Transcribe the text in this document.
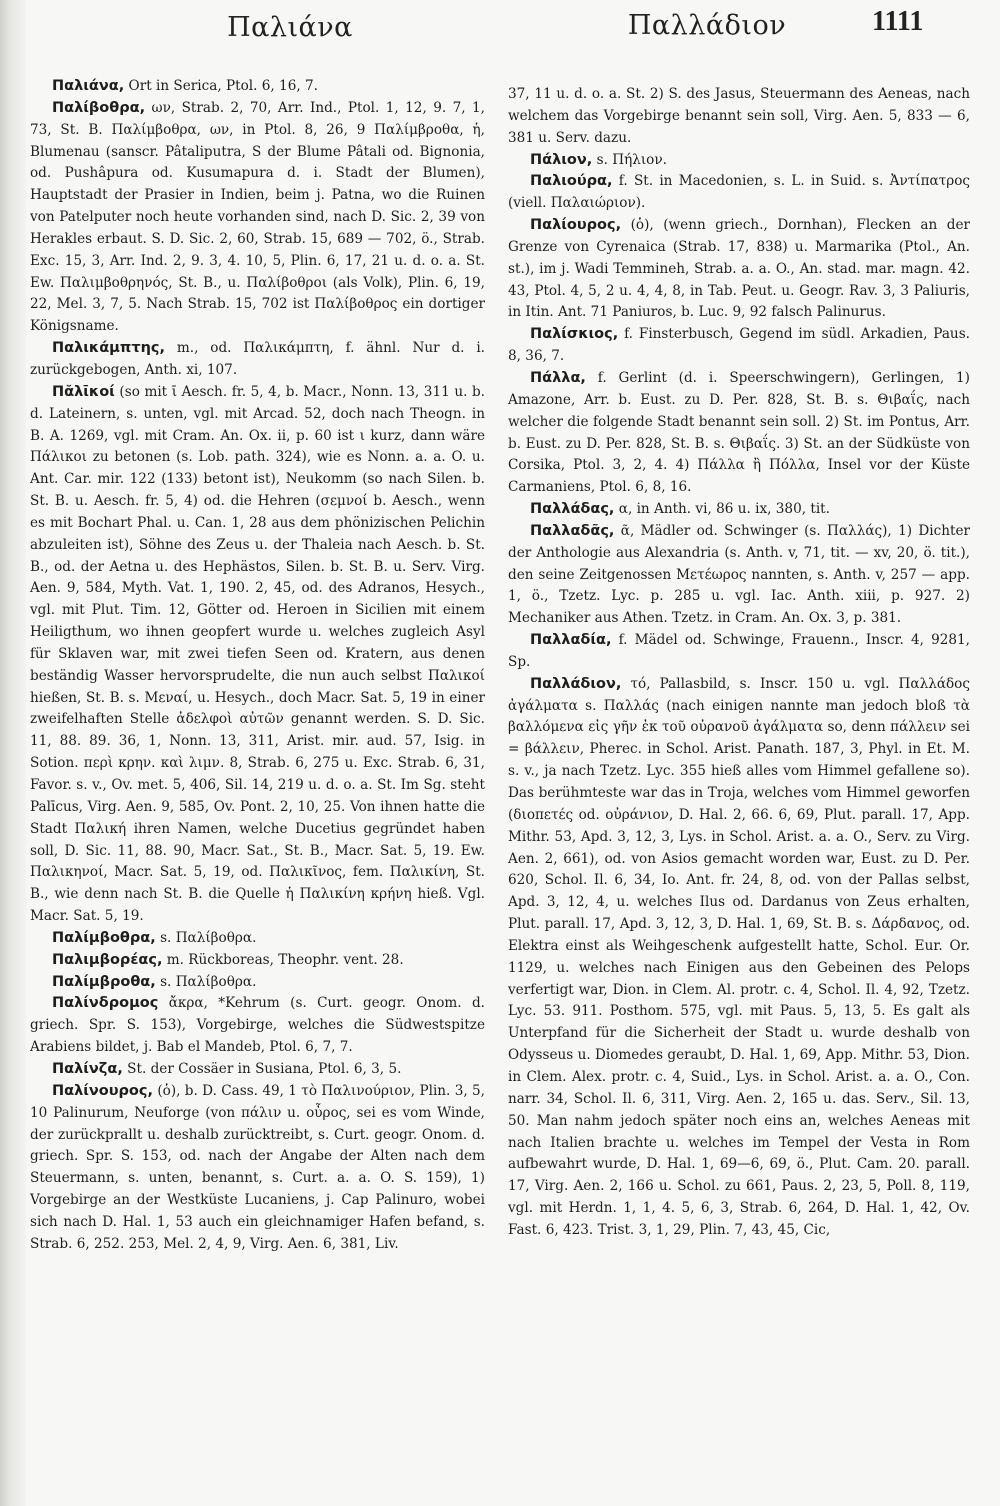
Παλιάνα	Παλλάδιον	1111

Παλιάνα, Ort in Serica, Ptol. 6, 16, 7.

Παλίβοθρα, ων, Strab. 2, 70, Arr. Ind., Ptol. 1, 12, 9. 7, 1, 73, St. B. Παλίμβοθρα, ων, in Ptol. 8, 26, 9 Παλίμβροθα, ἡ, Blumenau (sanscr. Pâtaliputra, S der Blume Pâtali od. Bignonia, od. Pushâpura od. Kusumapura d. i. Stadt der Blumen), Hauptstadt der Prasier in Indien, beim j. Patna, wo die Ruinen von Patelputer noch heute vorhanden sind, nach D. Sic. 2, 39 von Herakles erbaut. S. D. Sic. 2, 60, Strab. 15, 689 — 702, ö., Strab. Exc. 15, 3, Arr. Ind. 2, 9. 3, 4. 10, 5, Plin. 6, 17, 21 u. d. o. a. St. Ew. Παλιμβοθρηνός, St. B., u. Παλίβοθροι (als Volk), Plin. 6, 19, 22, Mel. 3, 7, 5. Nach Strab. 15, 702 ist Παλίβοθρος ein dortiger Königsname.

Παλικάμπτης, m., od. Παλικάμπτη, f. ähnl. Nur d. i. zurückgebogen, Anth. xi, 107.

Πᾰλῑκοί (so mit ῑ Aesch. fr. 5, 4, b. Macr., Nonn. 13, 311 u. b. d. Lateinern, s. unten, vgl. mit Arcad. 52, doch nach Theogn. in B. A. 1269, vgl. mit Cram. An. Ox. ii, p. 60 ist ι kurz, dann wäre Πάλικοι zu betonen (s. Lob. path. 324), wie es Nonn. a. a. O. u. Ant. Car. mir. 122 (133) betont ist), Neukomm (so nach Silen. b. St. B. u. Aesch. fr. 5, 4) od. die Hehren (σεμνοί b. Aesch., wenn es mit Bochart Phal. u. Can. 1, 28 aus dem phönizischen Pelichin abzuleiten ist), Söhne des Zeus u. der Thaleia nach Aesch. b. St. B., od. der Aetna u. des Hephästos, Silen. b. St. B. u. Serv. Virg. Aen. 9, 584, Myth. Vat. 1, 190. 2, 45, od. des Adranos, Hesych., vgl. mit Plut. Tim. 12, Götter od. Heroen in Sicilien mit einem Heiligthum, wo ihnen geopfert wurde u. welches zugleich Asyl für Sklaven war, mit zwei tiefen Seen od. Kratern, aus denen beständig Wasser hervorsprudelte, die nun auch selbst Παλικοί hießen, St. B. s. Μεναί, u. Hesych., doch Macr. Sat. 5, 19 in einer zweifelhaften Stelle ἀδελφοὶ αὐτῶν genannt werden. S. D. Sic. 11, 88. 89. 36, 1, Nonn. 13, 311, Arist. mir. aud. 57, Isig. in Sotion. περὶ κρην. καὶ λιμν. 8, Strab. 6, 275 u. Exc. Strab. 6, 31, Favor. s. v., Ov. met. 5, 406, Sil. 14, 219 u. d. o. a. St. Im Sg. steht Palīcus, Virg. Aen. 9, 585, Ov. Pont. 2, 10, 25. Von ihnen hatte die Stadt Παλική ihren Namen, welche Ducetius gegründet haben soll, D. Sic. 11, 88. 90, Macr. Sat., St. B., Macr. Sat. 5, 19. Ew. Παλικηνοί, Macr. Sat. 5, 19, od. Παλικῖνος, fem. Παλικίνη, St. B., wie denn nach St. B. die Quelle ἡ Παλικίνη κρήνη hieß. Vgl. Macr. Sat. 5, 19.

Παλίμβοθρα, s. Παλίβοθρα.

Παλιμβορέας, m. Rückboreas, Theophr. vent. 28.

Παλίμβροθα, s. Παλίβοθρα.

Παλίνδρομος ἄκρα, *Kehrum (s. Curt. geogr. Onom. d. griech. Spr. S. 153), Vorgebirge, welches die Südwestspitze Arabiens bildet, j. Bab el Mandeb, Ptol. 6, 7, 7.

Παλίνζα, St. der Cossäer in Susiana, Ptol. 6, 3, 5.

Παλίνουρος, (ὁ), b. D. Cass. 49, 1 τὸ Παλινούριον, Plin. 3, 5, 10 Palinurum, Neuforge (von πάλιν u. οὖρος, sei es vom Winde, der zurückprallt u. deshalb zurücktreibt, s. Curt. geogr. Onom. d. griech. Spr. S. 153, od. nach der Angabe der Alten nach dem Steuermann, s. unten, benannt, s. Curt. a. a. O. S. 159), 1) Vorgebirge an der Westküste Lucaniens, j. Cap Palinuro, wobei sich nach D. Hal. 1, 53 auch ein gleichnamiger Hafen befand, s. Strab. 6, 252. 253, Mel. 2, 4, 9, Virg. Aen. 6, 381, Liv.

37, 11 u. d. o. a. St. 2) S. des Jasus, Steuermann des Aeneas, nach welchem das Vorgebirge benannt sein soll, Virg. Aen. 5, 833 — 6, 381 u. Serv. dazu.

Πάλιον, s. Πήλιον.

Παλιούρα, f. St. in Macedonien, s. L. in Suid. s. Ἀντίπατρος (viell. Παλαιώριον).

Παλίουρος, (ὁ), (wenn griech., Dornhan), Flecken an der Grenze von Cyrenaica (Strab. 17, 838) u. Marmarika (Ptol., An. st.), im j. Wadi Temmineh, Strab. a. a. O., An. stad. mar. magn. 42. 43, Ptol. 4, 5, 2 u. 4, 4, 8, in Tab. Peut. u. Geogr. Rav. 3, 3 Paliuris, in Itin. Ant. 71 Paniuros, b. Luc. 9, 92 falsch Palinurus.

Παλίσκιος, f. Finsterbusch, Gegend im südl. Arkadien, Paus. 8, 36, 7.

Πάλλα, f. Gerlint (d. i. Speerschwingern), Gerlingen, 1) Amazone, Arr. b. Eust. zu D. Per. 828, St. B. s. Θιβαΐς, nach welcher die folgende Stadt benannt sein soll. 2) St. im Pontus, Arr. b. Eust. zu D. Per. 828, St. B. s. Θιβαΐς. 3) St. an der Südküste von Corsika, Ptol. 3, 2, 4. 4) Πάλλα ἢ Πόλλα, Insel vor der Küste Carmaniens, Ptol. 6, 8, 16.

Παλλάδας, α, in Anth. vi, 86 u. ix, 380, tit.

Παλλαδᾶς, ᾶ, Mädler od. Schwinger (s. Παλλάς), 1) Dichter der Anthologie aus Alexandria (s. Anth. v, 71, tit. — xv, 20, ö. tit.), den seine Zeitgenossen Μετέωρος nannten, s. Anth. v, 257 — app. 1, ö., Tzetz. Lyc. p. 285 u. vgl. Iac. Anth. xiii, p. 927. 2) Mechaniker aus Athen. Tzetz. in Cram. An. Ox. 3, p. 381.

Παλλαδία, f. Mädel od. Schwinge, Frauenn., Inscr. 4, 9281, Sp.

Παλλάδιον, τό, Pallasbild, s. Inscr. 150 u. vgl. Παλλάδος ἀγάλματα s. Παλλάς (nach einigen nannte man jedoch bloß τὰ βαλλόμενα εἰς γῆν ἐκ τοῦ οὐρανοῦ ἀγάλματα so, denn πάλλειν sei = βάλλειν, Pherec. in Schol. Arist. Panath. 187, 3, Phyl. in Et. M. s. v., ja nach Tzetz. Lyc. 355 hieß alles vom Himmel gefallene so). Das berühmteste war das in Troja, welches vom Himmel geworfen (διοπετές od. οὐράνιον, D. Hal. 2, 66. 6, 69, Plut. parall. 17, App. Mithr. 53, Apd. 3, 12, 3, Lys. in Schol. Arist. a. a. O., Serv. zu Virg. Aen. 2, 661), od. von Asios gemacht worden war, Eust. zu D. Per. 620, Schol. Il. 6, 34, Io. Ant. fr. 24, 8, od. von der Pallas selbst, Apd. 3, 12, 4, u. welches Ilus od. Dardanus von Zeus erhalten, Plut. parall. 17, Apd. 3, 12, 3, D. Hal. 1, 69, St. B. s. Δάρδανος, od. Elektra einst als Weihgeschenk aufgestellt hatte, Schol. Eur. Or. 1129, u. welches nach Einigen aus den Gebeinen des Pelops verfertigt war, Dion. in Clem. Al. protr. c. 4, Schol. Il. 4, 92, Tzetz. Lyc. 53. 911. Posthom. 575, vgl. mit Paus. 5, 13, 5. Es galt als Unterpfand für die Sicherheit der Stadt u. wurde deshalb von Odysseus u. Diomedes geraubt, D. Hal. 1, 69, App. Mithr. 53, Dion. in Clem. Alex. protr. c. 4, Suid., Lys. in Schol. Arist. a. a. O., Con. narr. 34, Schol. Il. 6, 311, Virg. Aen. 2, 165 u. das. Serv., Sil. 13, 50. Man nahm jedoch später noch eins an, welches Aeneas mit nach Italien brachte u. welches im Tempel der Vesta in Rom aufbewahrt wurde, D. Hal. 1, 69—6, 69, ö., Plut. Cam. 20. parall. 17, Virg. Aen. 2, 166 u. Schol. zu 661, Paus. 2, 23, 5, Poll. 8, 119, vgl. mit Herdn. 1, 1, 4. 5, 6, 3, Strab. 6, 264, D. Hal. 1, 42, Ov. Fast. 6, 423. Trist. 3, 1, 29, Plin. 7, 43, 45, Cic,
